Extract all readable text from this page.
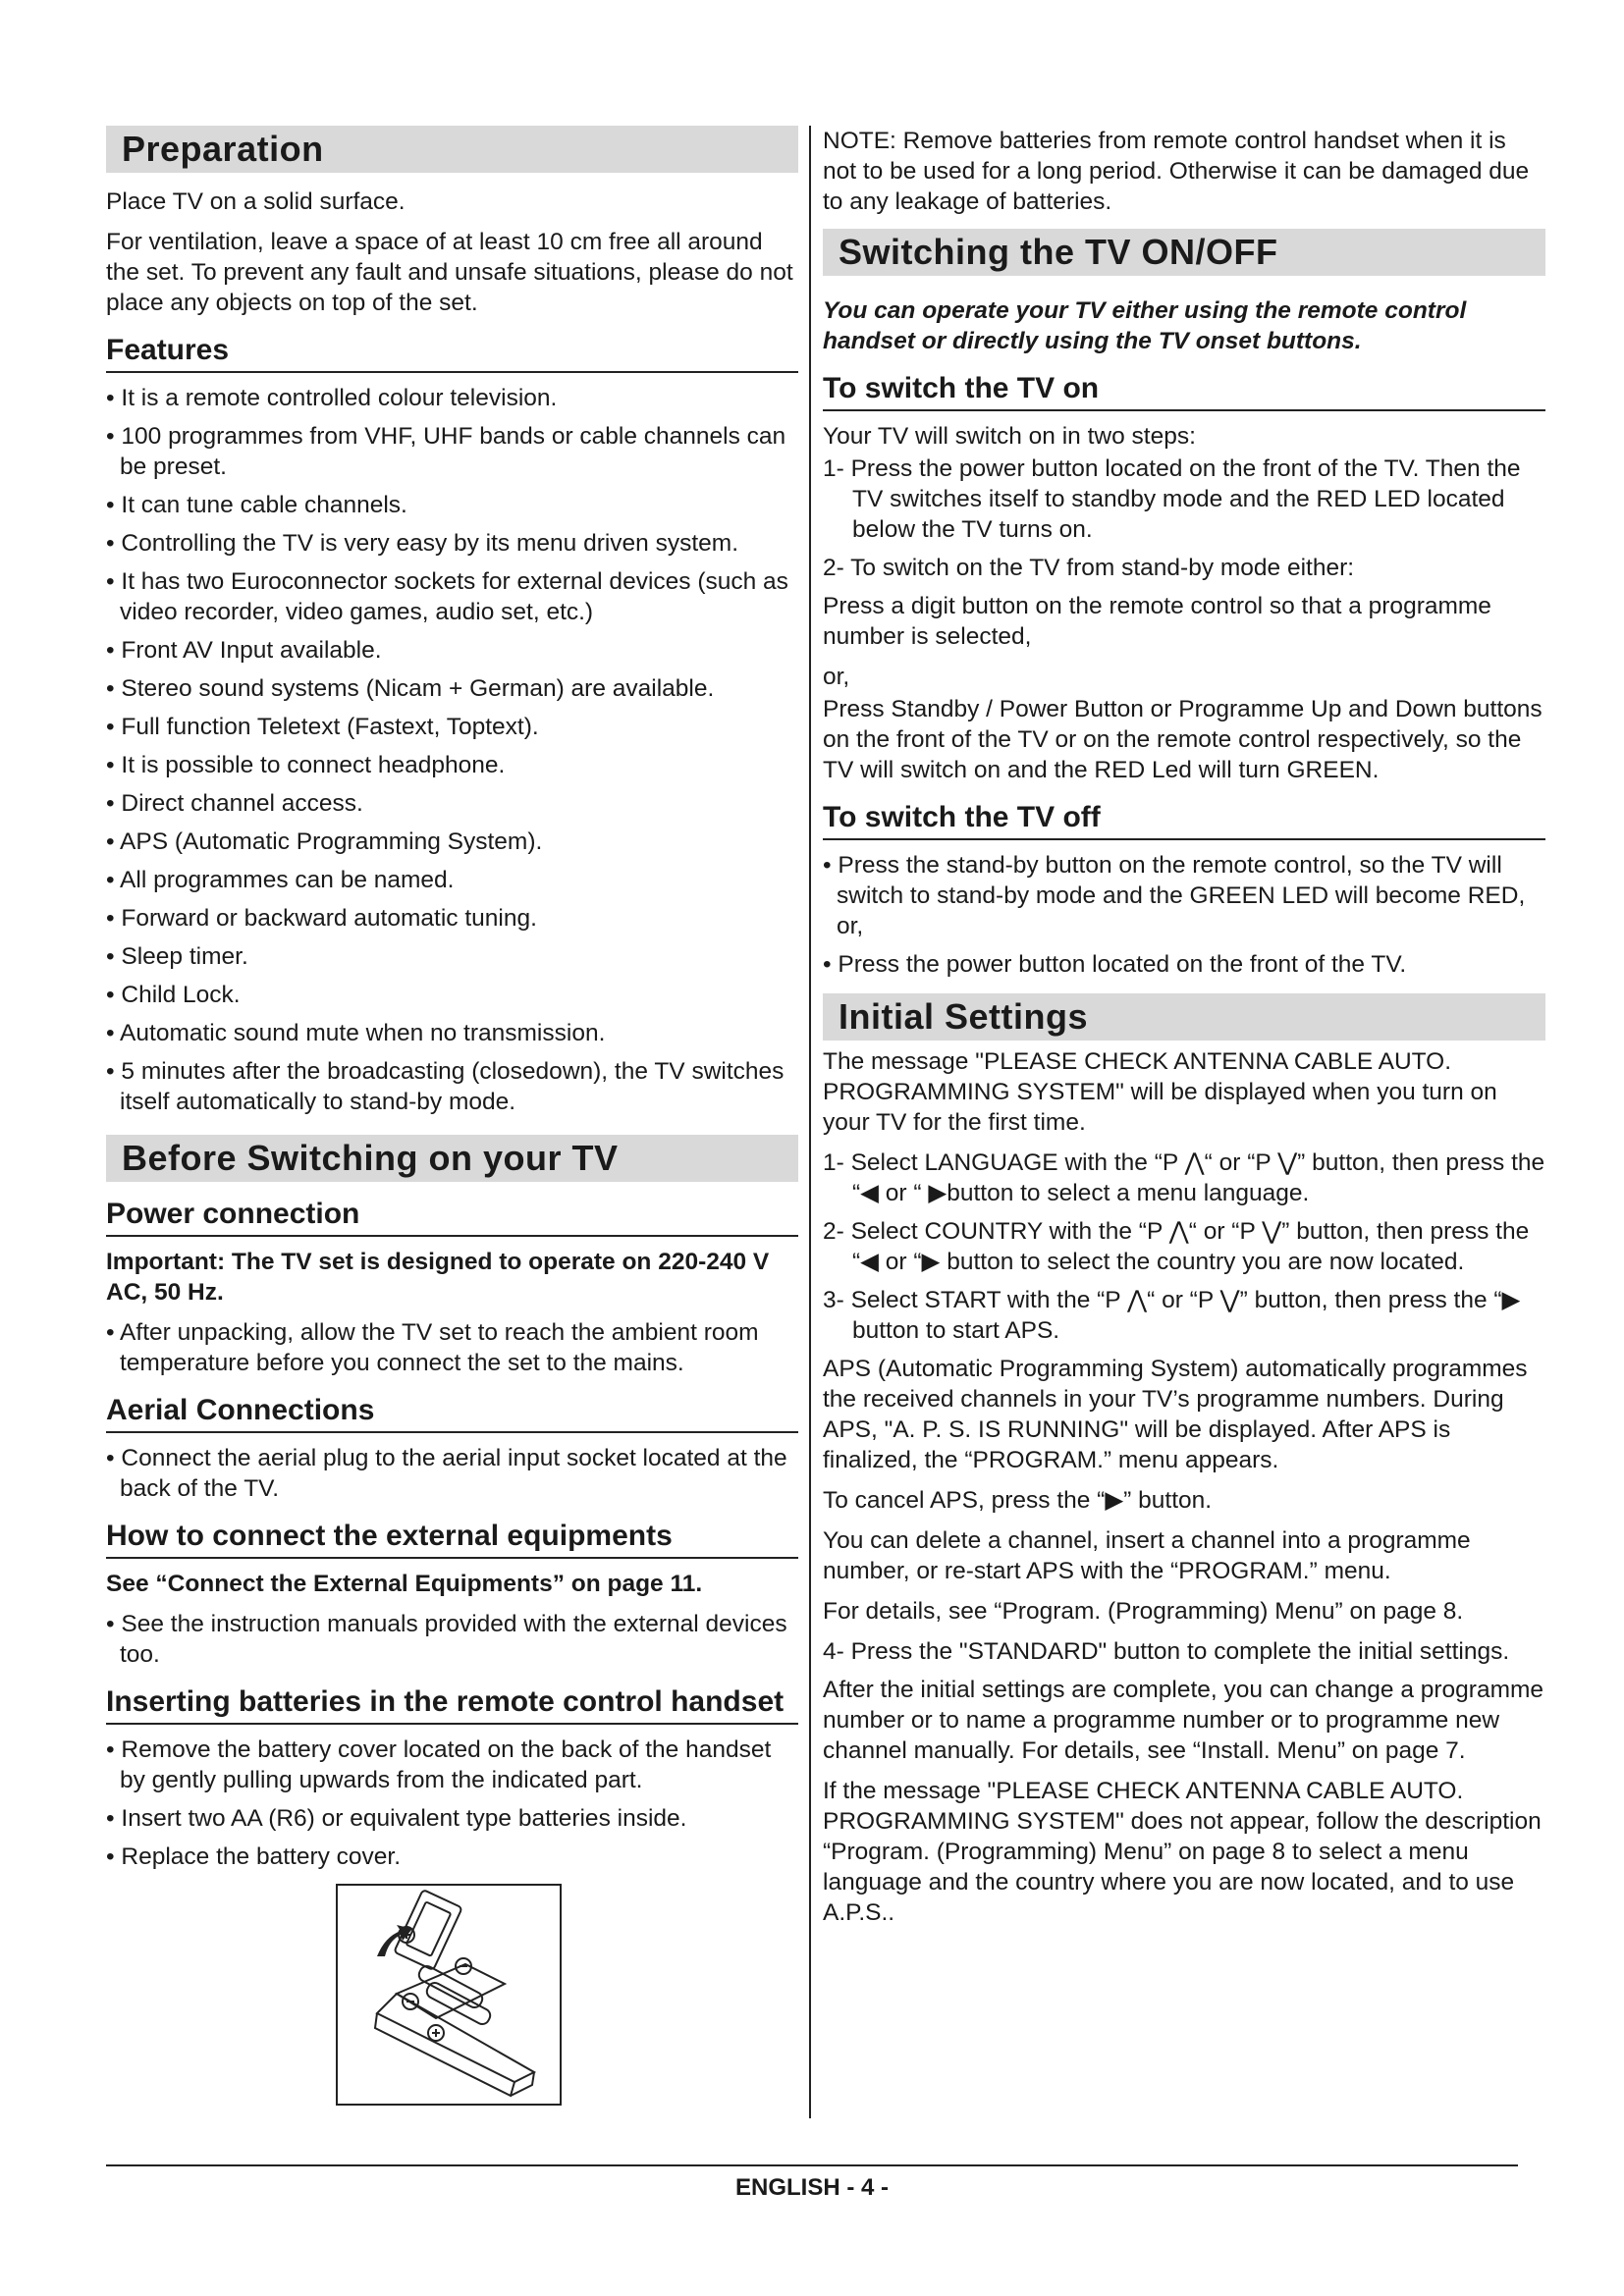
Preparation

Place TV on a solid surface.

For ventilation, leave a space of at least 10 cm free all around the set. To prevent any fault and unsafe situations, please do not place any objects on top of the set.

Features
• It is a remote controlled colour television.
• 100 programmes from VHF, UHF bands or cable channels can be preset.
• It can tune cable channels.
• Controlling the TV is very easy by its menu driven system.
• It has two Euroconnector sockets for external devices (such as video recorder, video games, audio set, etc.)
• Front AV Input available.
• Stereo sound systems (Nicam + German) are available.
• Full function Teletext (Fastext, Toptext).
• It is possible to connect headphone.
• Direct channel access.
• APS (Automatic Programming System).
• All programmes can be named.
• Forward or backward automatic tuning.
• Sleep timer.
• Child Lock.
• Automatic sound mute when no transmission.
• 5 minutes after the broadcasting (closedown), the TV switches itself automatically to stand-by mode.
Before Switching on your TV
Power connection

Important: The TV set is designed to operate on 220-240 V AC, 50 Hz.

• After unpacking, allow the TV set to reach the ambient room temperature before you connect the set to the mains.
Aerial Connections
• Connect the aerial plug to the aerial input socket located at the back of the TV.
How to connect the external equipments

See “Connect the External Equipments” on page 11.

• See the instruction manuals provided with the external devices too.
Inserting batteries in the remote control handset
• Remove the battery cover located on the back of the handset by gently pulling upwards from the indicated part.
• Insert two AA (R6) or equivalent type batteries inside.
• Replace the battery cover.

NOTE: Remove batteries from remote control handset when it is not to be used for a long period. Otherwise it can be damaged due to any leakage of batteries.

Switching the TV ON/OFF

You can operate your TV either using the remote control handset or directly using the TV onset buttons.

To switch the TV on

Your TV will switch on in two steps:

1- Press the power button located on the front of the TV. Then the TV switches itself to standby mode and the RED LED located below the TV turns on.
2- To switch on the TV from stand-by mode either:

Press a digit button on the remote control so that a programme number is selected,

or,

Press Standby / Power Button or Programme Up and Down buttons on the front of the TV or on the remote control respectively, so the TV will switch on and the RED Led will turn GREEN.

To switch the TV off
• Press the stand-by button on the remote control, so the TV will switch to stand-by mode and the GREEN LED will become RED, or,
• Press the power button located on the front of the TV.
Initial Settings

The message "PLEASE CHECK ANTENNA CABLE AUTO. PROGRAMMING SYSTEM" will be displayed when you turn on your TV for the first time.

1- Select LANGUAGE with the “P ⋀“ or “P ⋁” button, then press the “◀ or “ ▶button to select a menu language.
2- Select COUNTRY with the “P ⋀“ or “P ⋁” button, then press the “◀ or “▶ button to select the country you are now located.
3- Select START with the “P ⋀“ or “P ⋁” button, then press the “▶ button to start APS.

APS (Automatic Programming System) automatically programmes the received channels in your TV’s programme numbers. During APS, "A. P. S. IS RUNNING" will be displayed. After APS is finalized, the “PROGRAM.” menu appears.

To cancel APS, press the “▶” button.

You can delete a channel, insert a channel into a programme number, or re-start APS with the “PROGRAM.” menu.

For details, see “Program. (Programming) Menu” on page 8.

4- Press the "STANDARD" button to complete the initial settings.

After the initial settings are complete, you can change a programme number or to name a programme number or to programme new channel manually. For details, see “Install. Menu” on page 7.

If the message "PLEASE CHECK ANTENNA CABLE AUTO. PROGRAMMING SYSTEM" does not appear, follow the description “Program. (Programming) Menu” on page 8 to select a menu language and the country where you are now located, and to use A.P.S..

ENGLISH - 4 -
